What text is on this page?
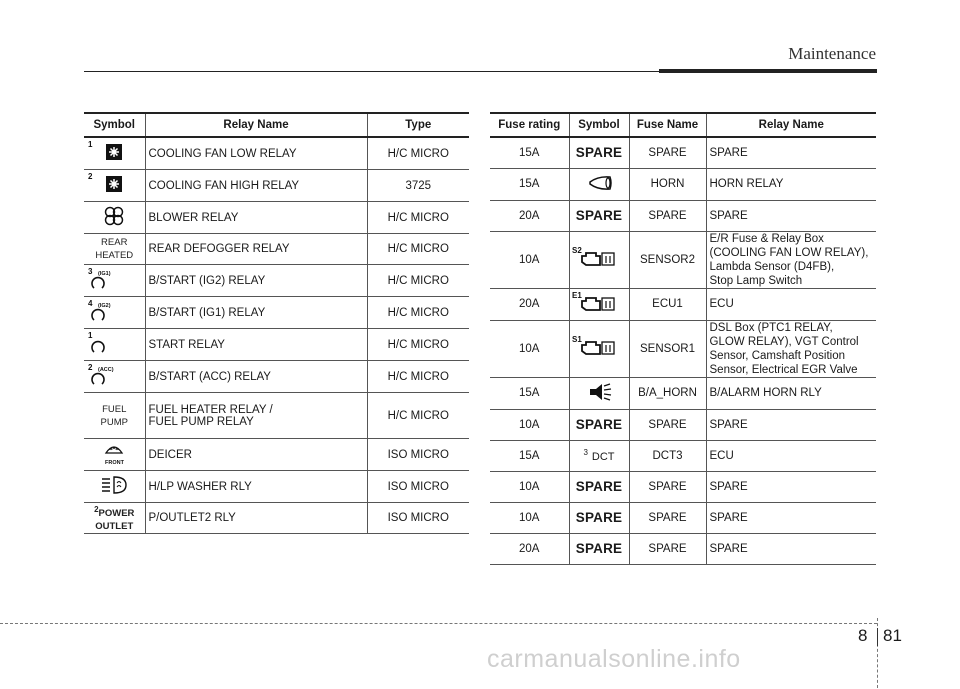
Maintenance
Symbol	Relay Name	Type

1	COOLING FAN LOW RELAY	H/C MICRO

2	COOLING FAN HIGH RELAY	3725
	BLOWER RELAY	H/C MICRO

REAR
HEATED	REAR DEFOGGER RELAY	H/C MICRO

3 (IG1)	B/START (IG2) RELAY	H/C MICRO

4 (IG2)	B/START (IG1) RELAY	H/C MICRO

1	START RELAY	H/C MICRO

2 (ACC)	B/START (ACC) RELAY	H/C MICRO

FUEL
PUMP	FUEL HEATER RELAY /
FUEL PUMP RELAY	H/C MICRO

FRONT	DEICER	ISO MICRO
	H/LP WASHER RLY	ISO MICRO

$^2$POWER
OUTLET	P/OUTLET2 RLY	ISO MICRO
Fuse rating	Symbol	Fuse Name	Relay Name
15A	SPARE	SPARE	SPARE
15A		HORN	HORN RELAY
20A	SPARE	SPARE	SPARE
10A	S2	SENSOR2	E/R Fuse & Relay Box
(COOLING FAN LOW RELAY),
Lambda Sensor (D4FB),
Stop Lamp Switch
20A	E1	ECU1	ECU
10A	S1	SENSOR1	DSL Box (PTC1 RELAY,
GLOW RELAY), VGT Control
Sensor, Camshaft Position
Sensor, Electrical EGR Valve
15A		B/A_HORN	B/ALARM HORN RLY
10A	SPARE	SPARE	SPARE
15A	$^3$ DCT	DCT3	ECU
10A	SPARE	SPARE	SPARE
10A	SPARE	SPARE	SPARE
20A	SPARE	SPARE	SPARE
8 81
carmanualsonline.info
